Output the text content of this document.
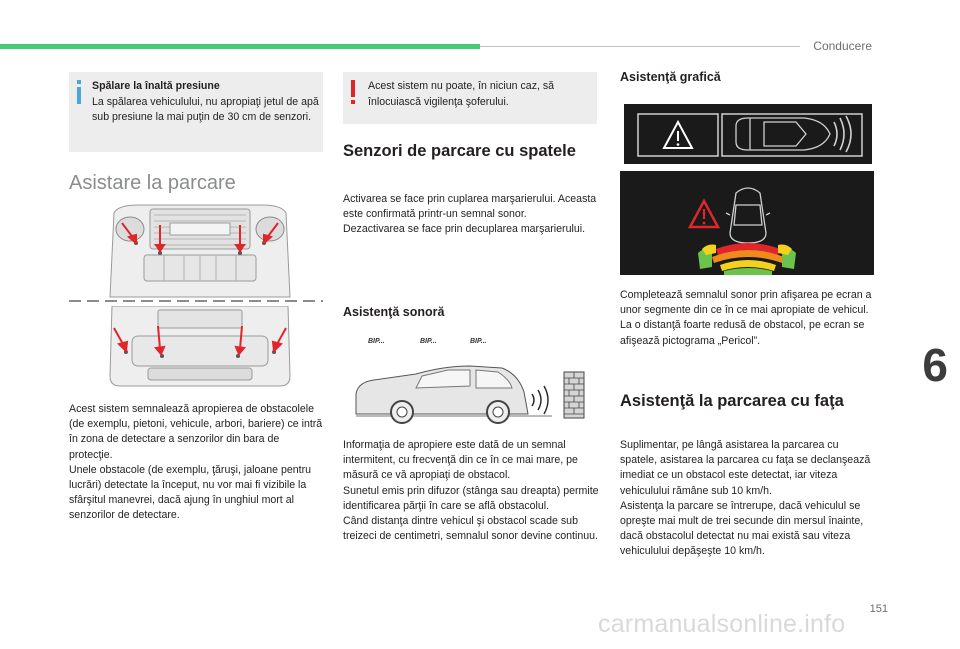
Conducere
6
151
Spălare la înaltă presiune
La spălarea vehiculului, nu apropiaţi jetul de apă sub presiune la mai puţin de 30 cm de senzori.
Asistare la parcare
Acest sistem semnalează apropierea de obstacolele (de exemplu, pietoni, vehicule, arbori, bariere) ce intră în zona de detectare a senzorilor din bara de protecţie.
Unele obstacole (de exemplu, ţăruşi, jaloane pentru lucrări) detectate la început, nu vor mai fi vizibile la sfârşitul manevrei, dacă ajung în unghiul mort al senzorilor de detectare.
Acest sistem nu poate, în niciun caz, să înlocuiască vigilenţa şoferului.
Senzori de parcare cu spatele
Activarea se face prin cuplarea marşarierului. Aceasta este confirmată printr-un semnal sonor.
Dezactivarea se face prin decuplarea marşarierului.
Asistenţă sonoră
BIP...	BIP...	BIP...
Informaţia de apropiere este dată de un semnal intermitent, cu frecvenţă din ce în ce mai mare, pe măsură ce vă apropiaţi de obstacol.
Sunetul emis prin difuzor (stânga sau dreapta) permite identificarea părţii în care se află obstacolul.
Când distanţa dintre vehicul şi obstacol scade sub treizeci de centimetri, semnalul sonor devine continuu.
Asistenţă grafică
Completează semnalul sonor prin afişarea pe ecran a unor segmente din ce în ce mai apropiate de vehicul.
La o distanţă foarte redusă de obstacol, pe ecran se afişează pictograma „Pericol”.
Asistenţă la parcarea cu faţa
Suplimentar, pe lângă asistarea la parcarea cu spatele, asistarea la parcarea cu faţa se declanşează imediat ce un obstacol este detectat, iar viteza vehiculului rămâne sub 10 km/h.
Asistenţa la parcare se întrerupe, dacă vehiculul se opreşte mai mult de trei secunde din mersul înainte, dacă obstacolul detectat nu mai există sau viteza vehiculului depăşeşte 10 km/h.
carmanualsonline.info
